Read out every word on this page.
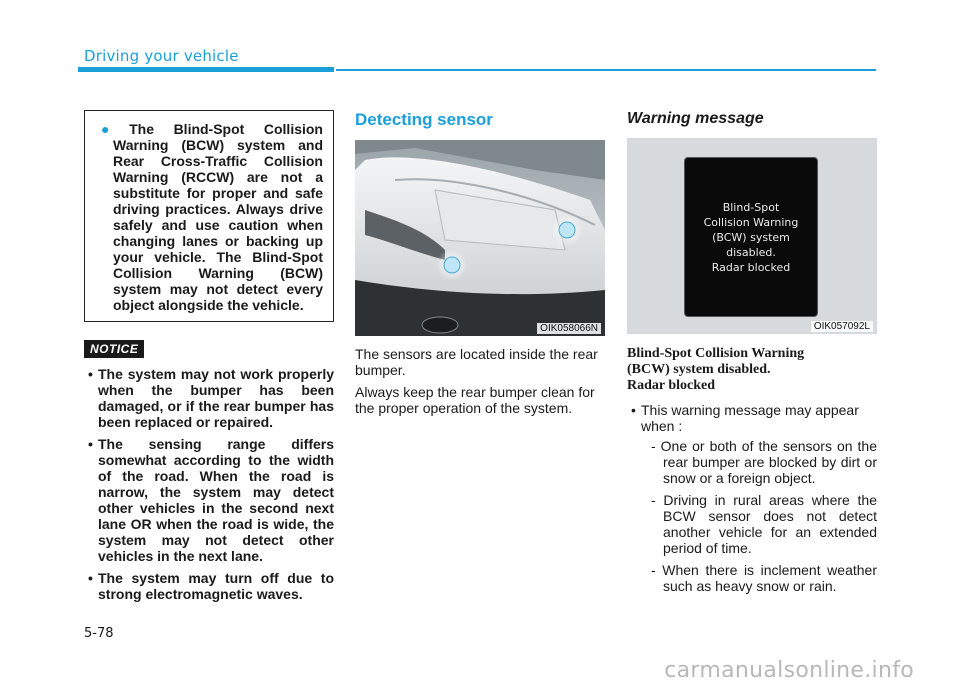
Driving your vehicle

● The Blind-Spot Collision Warning (BCW) system and Rear Cross-Traffic Collision Warning (RCCW) are not a substitute for proper and safe driving practices. Always drive safely and use caution when changing lanes or backing up your vehicle. The Blind-Spot Collision Warning (BCW) system may not detect every object alongside the vehicle.

NOTICE
• The system may not work properly when the bumper has been damaged, or if the rear bumper has been replaced or repaired.
• The sensing range differs somewhat according to the width of the road. When the road is narrow, the system may detect other vehicles in the second next lane OR when the road is wide, the system may not detect other vehicles in the next lane.
• The system may turn off due to strong electromagnetic waves.
Detecting sensor
OIK058066N

The sensors are located inside the rear bumper.

Always keep the rear bumper clean for the proper operation of the system.

Warning message
Blind-Spot
Collision Warning
(BCW) system
disabled.
Radar blocked
OIK057092L
Blind-Spot Collision Warning
(BCW) system disabled.
Radar blocked
• This warning message may appear when :
- One or both of the sensors on the rear bumper are blocked by dirt or snow or a foreign object.
- Driving in rural areas where the BCW sensor does not detect another vehicle for an extended period of time.
- When there is inclement weather such as heavy snow or rain.
5-78
carmanualsonline.info
